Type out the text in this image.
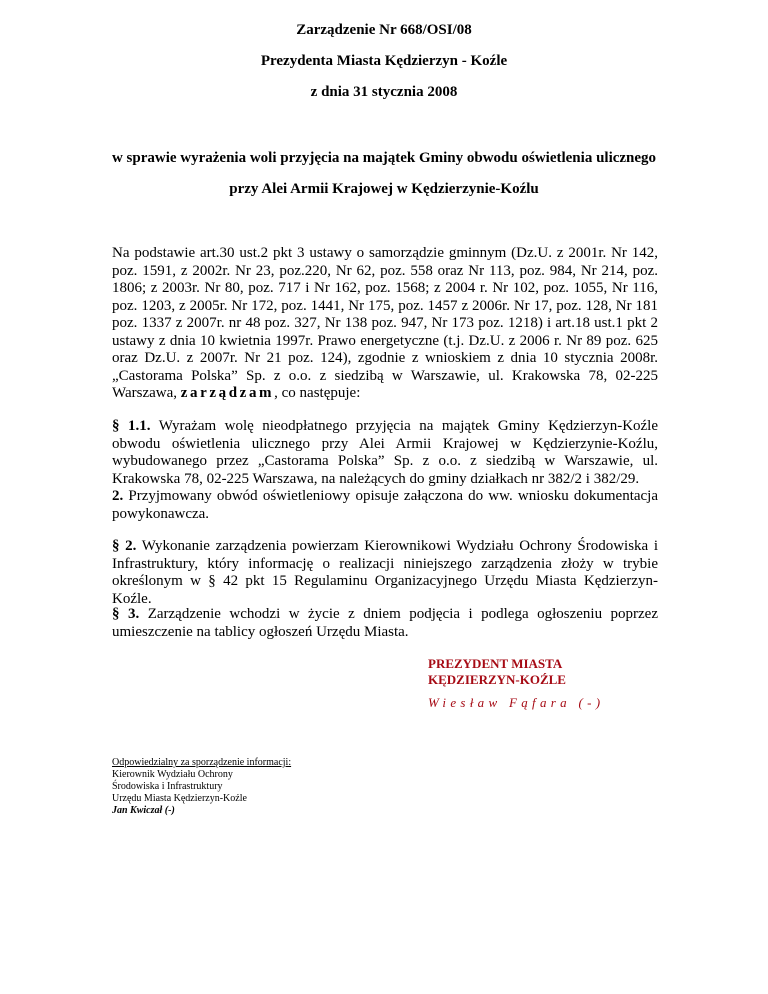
Zarządzenie Nr 668/OSI/08
Prezydenta Miasta Kędzierzyn - Koźle
z dnia 31 stycznia 2008
w sprawie wyrażenia woli przyjęcia na majątek Gminy obwodu oświetlenia ulicznego
przy Alei Armii Krajowej w Kędzierzynie-Koźlu

Na podstawie art.30 ust.2 pkt 3 ustawy o samorządzie gminnym (Dz.U. z 2001r. Nr 142, poz. 1591, z 2002r. Nr 23, poz.220, Nr 62, poz. 558 oraz Nr 113, poz. 984, Nr 214, poz. 1806; z 2003r. Nr 80, poz. 717 i Nr 162, poz. 1568; z 2004 r. Nr 102, poz. 1055, Nr 116, poz. 1203, z 2005r. Nr 172, poz. 1441, Nr 175, poz. 1457 z 2006r. Nr 17, poz. 128, Nr 181 poz. 1337 z 2007r. nr 48 poz. 327, Nr 138 poz. 947, Nr 173 poz. 1218) i art.18 ust.1 pkt 2 ustawy z dnia 10 kwietnia 1997r. Prawo energetyczne (t.j. Dz.U. z 2006 r. Nr 89 poz. 625 oraz Dz.U. z 2007r. Nr 21 poz. 124), zgodnie z wnioskiem z dnia 10 stycznia 2008r. „Castorama Polska” Sp. z o.o. z siedzibą w Warszawie, ul. Krakowska 78, 02-225 Warszawa, zarządzam, co następuje:

§ 1.1. Wyrażam wolę nieodpłatnego przyjęcia na majątek Gminy Kędzierzyn-Koźle obwodu oświetlenia ulicznego przy Alei Armii Krajowej w Kędzierzynie-Koźlu, wybudowanego przez „Castorama Polska” Sp. z o.o. z siedzibą w Warszawie, ul. Krakowska 78, 02-225 Warszawa, na należących do gminy działkach nr 382/2 i 382/29.

2. Przyjmowany obwód oświetleniowy opisuje załączona do ww. wniosku dokumentacja powykonawcza.

§ 2. Wykonanie zarządzenia powierzam Kierownikowi Wydziału Ochrony Środowiska i Infrastruktury, który informację o realizacji niniejszego zarządzenia złoży w trybie określonym w § 42 pkt 15 Regulaminu Organizacyjnego Urzędu Miasta Kędzierzyn-Koźle.

§ 3. Zarządzenie wchodzi w życie z dniem podjęcia i podlega ogłoszeniu poprzez umieszczenie na tablicy ogłoszeń Urzędu Miasta.

PREZYDENT MIASTA
KĘDZIERZYN-KOŹLE
Wiesław Fąfara (-)
Odpowiedzialny za sporządzenie informacji:
Kierownik Wydziału Ochrony
Środowiska i Infrastruktury
Urzędu Miasta Kędzierzyn-Koźle
Jan Kwiczał (-)
